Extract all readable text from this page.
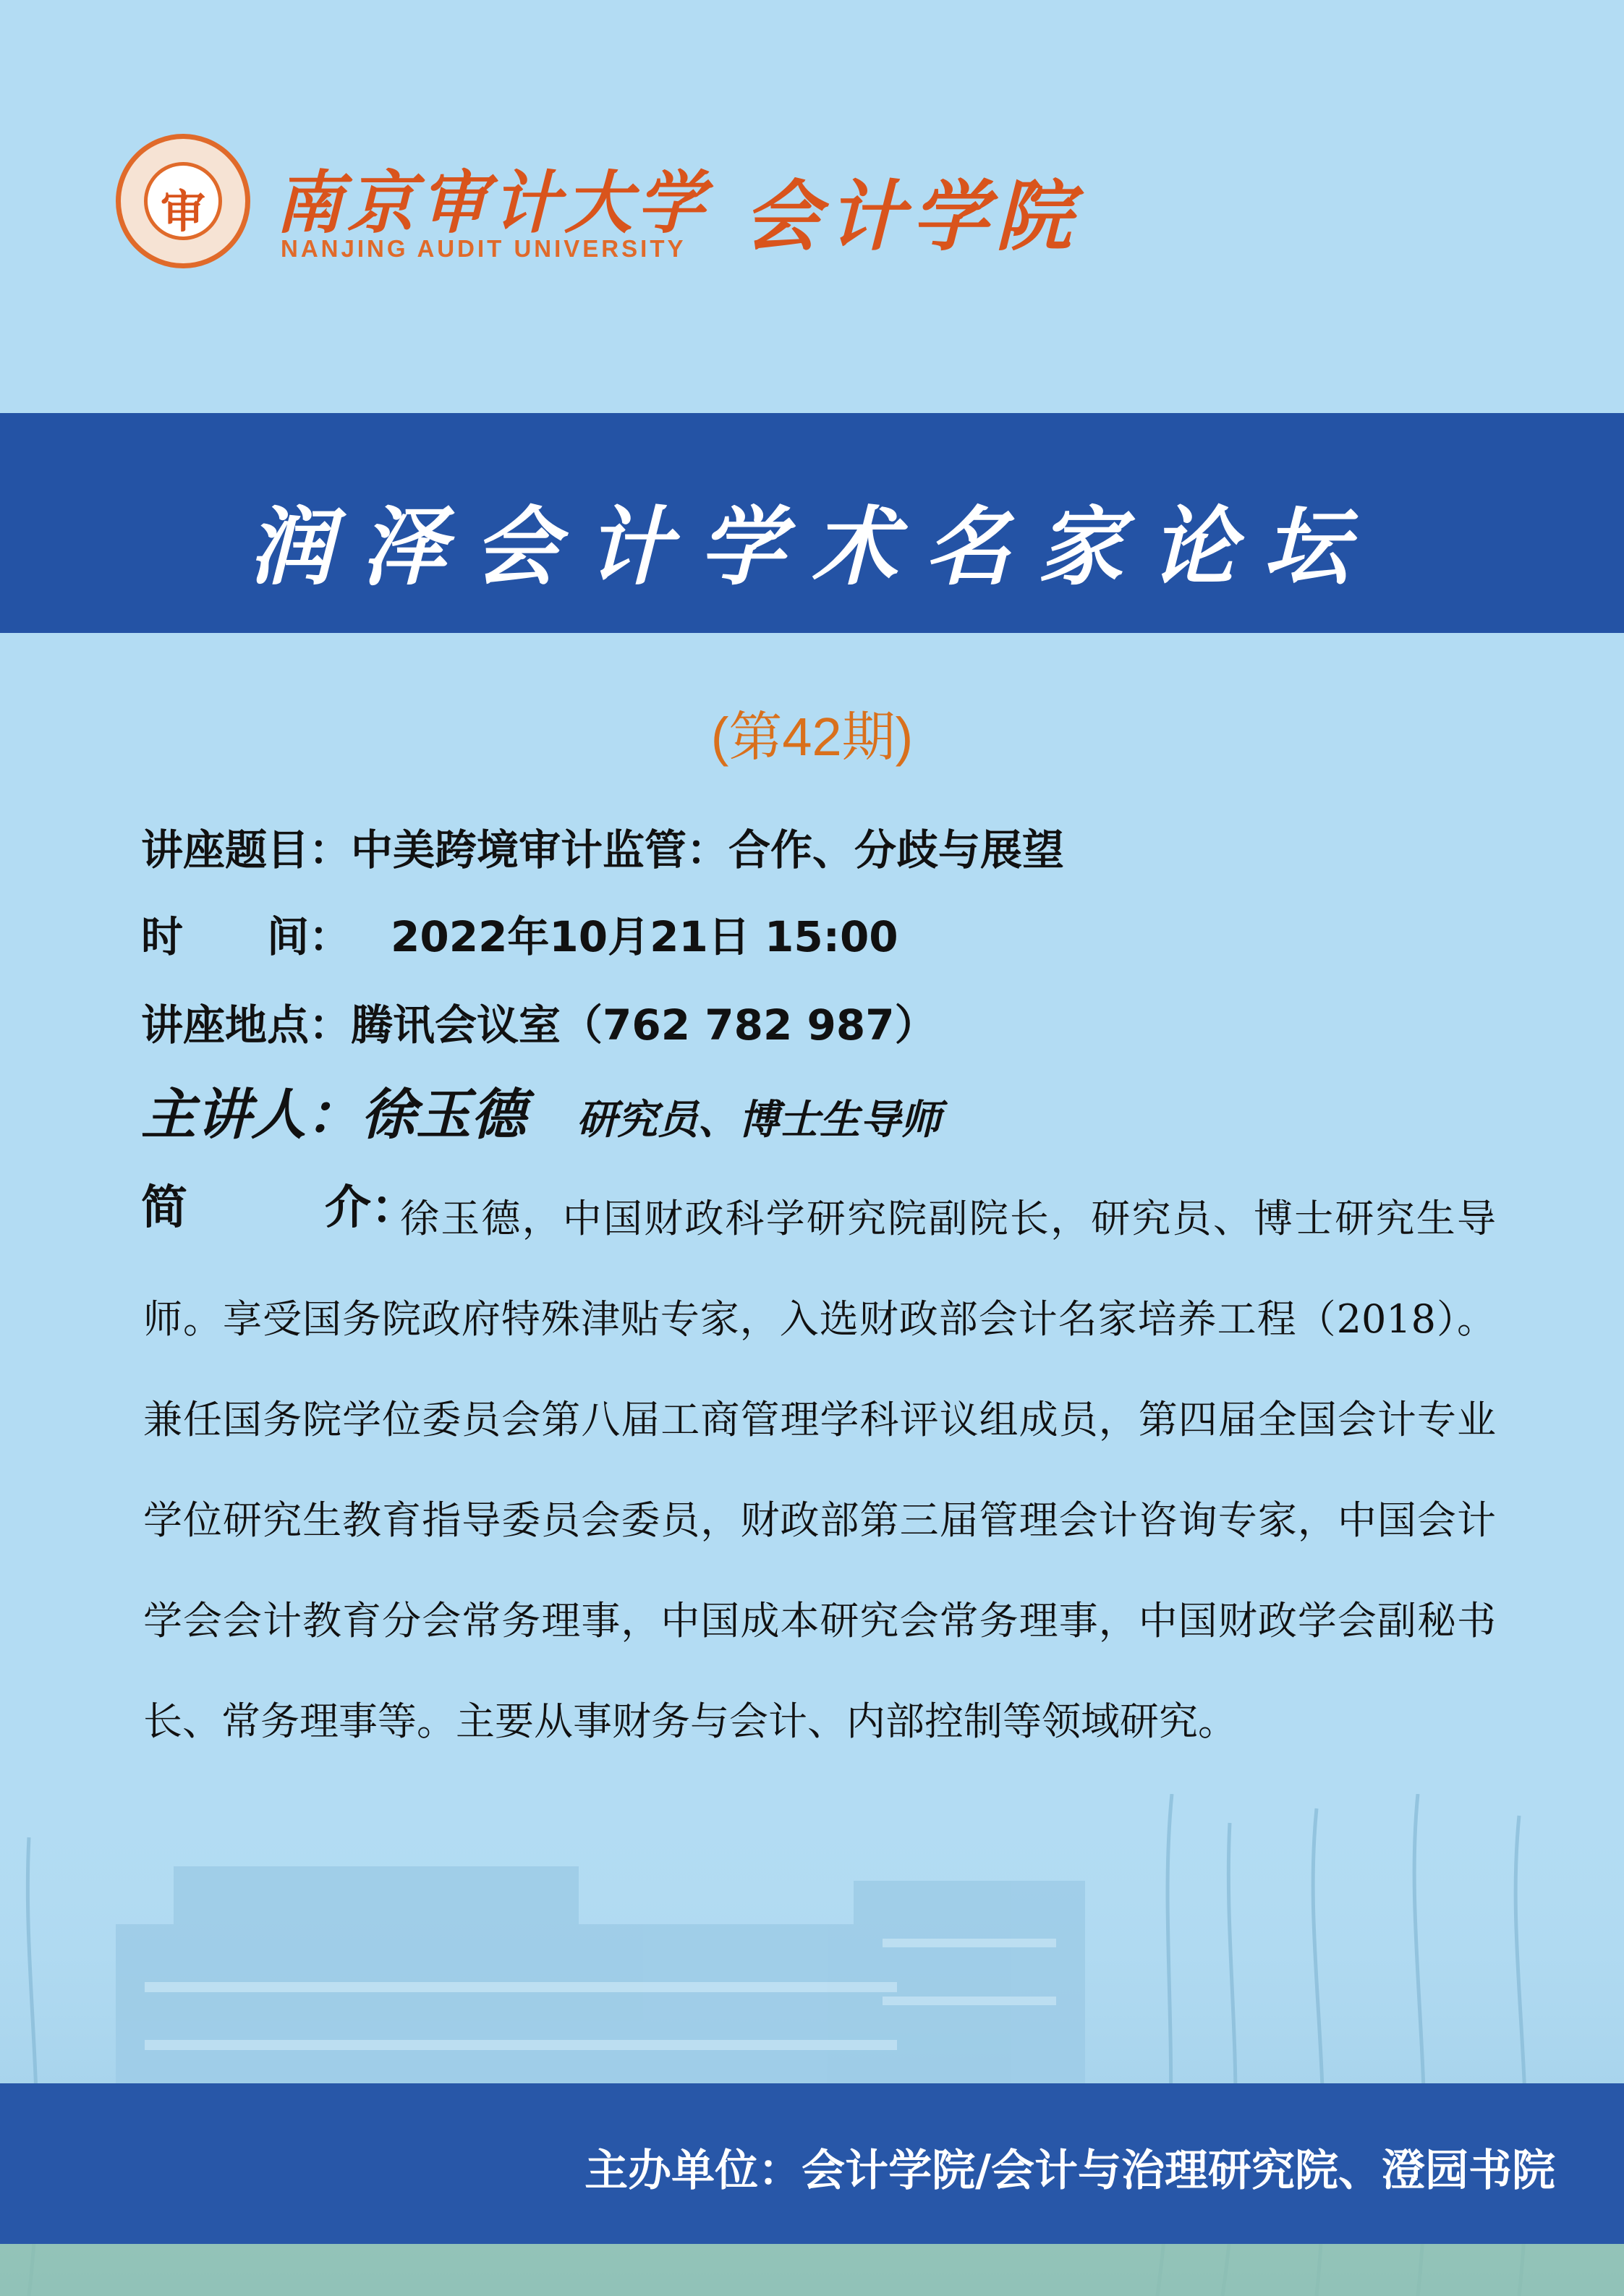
审 南京审计大学
NANJING AUDIT UNIVERSITY 会计学院
润泽会计学术名家论坛
(第42期)
讲座题目：中美跨境审计监管：合作、分歧与展望
时　　间： 2022年10月21日 15:00
讲座地点：腾讯会议室（762 782 987）
主讲人：徐玉德 研究员、博士生导师
简	介：
徐玉德，中国财政科学研究院副院长，研究员、博士研究生导师。享受国务院政府特殊津贴专家，入选财政部会计名家培养工程（2018）。兼任国务院学位委员会第八届工商管理学科评议组成员，第四届全国会计专业学位研究生教育指导委员会委员，财政部第三届管理会计咨询专家，中国会计学会会计教育分会常务理事，中国成本研究会常务理事，中国财政学会副秘书长、常务理事等。主要从事财务与会计、内部控制等领域研究。
主办单位：会计学院/会计与治理研究院、澄园书院
